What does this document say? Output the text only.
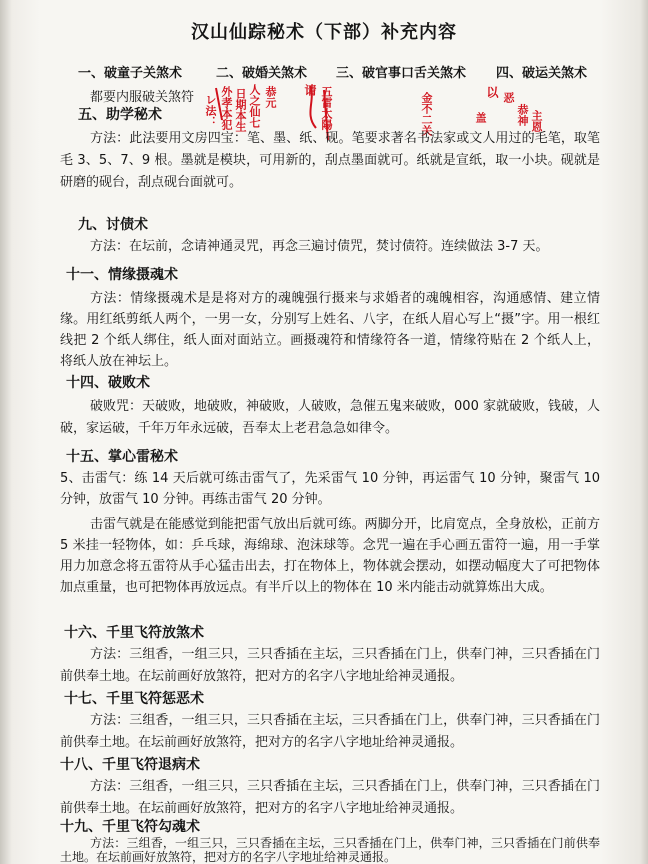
汉山仙踪秘术（下部）补充内容
一、破童子关煞术	二、破婚关煞术 三、破官事口舌关煞术 四、破运关煞术
都要内服破关煞符 レ法： 外孝本犯 日期本生 人之仙七 恭元 请 五雷太陽	金不二关	以 恶
盖	恭神 主恩
五、助学秘术
方法：此法要用文房四宝：笔、墨、纸、砚。笔要求著名书法家或文人用过的毛笔，取笔毛 3、5、7、9 根。墨就是模块，可用新的，刮点墨面就可。纸就是宣纸，取一小块。砚就是研磨的砚台，刮点砚台面就可。
九、讨债术
方法：在坛前，念请神通灵咒，再念三遍讨债咒，焚讨债符。连续做法 3-7 天。
十一、情缘摄魂术
方法：情缘摄魂术是是将对方的魂魄强行摄来与求婚者的魂魄相容，沟通感情、建立情缘。用红纸剪纸人两个，一男一女，分别写上姓名、八字，在纸人眉心写上“摄”字。用一根红线把 2 个纸人绑住，纸人面对面站立。画摄魂符和情缘符各一道，情缘符贴在 2 个纸人上，将纸人放在神坛上。
十四、破败术
破败咒：天破败，地破败，神破败，人破败，急催五鬼来破败，000 家就破败，钱破，人破，家运破，千年万年永远破，吾奉太上老君急急如律令。
十五、掌心雷秘术
5、击雷气：练 14 天后就可练击雷气了，先采雷气 10 分钟，再运雷气 10 分钟，聚雷气 10 分钟，放雷气 10 分钟。再练击雷气 20 分钟。
击雷气就是在能感觉到能把雷气放出后就可练。两脚分开，比肩宽点，全身放松，正前方 5 米挂一轻物体，如：乒乓球，海绵球、泡沫球等。念咒一遍在手心画五雷符一遍，用一手掌用力加意念将五雷符从手心猛击出去，打在物体上，物体就会摆动，如摆动幅度大了可把物体加点重量，也可把物体再放远点。有半斤以上的物体在 10 米内能击动就算炼出大成。
十六、千里飞符放煞术
方法：三组香，一组三只，三只香插在主坛，三只香插在门上，供奉门神，三只香插在门前供奉土地。在坛前画好放煞符，把对方的名字八字地址给神灵通报。
十七、千里飞符惩恶术
方法：三组香，一组三只，三只香插在主坛，三只香插在门上，供奉门神，三只香插在门前供奉土地。在坛前画好放煞符，把对方的名字八字地址给神灵通报。
十八、千里飞符退病术
方法：三组香，一组三只，三只香插在主坛，三只香插在门上，供奉门神，三只香插在门前供奉土地。在坛前画好放煞符，把对方的名字八字地址给神灵通报。
十九、千里飞符勾魂术
方法：三组香，一组三只，三只香插在主坛，三只香插在门上，供奉门神，三只香插在门前供奉土地。在坛前画好放煞符，把对方的名字八字地址给神灵通报。
